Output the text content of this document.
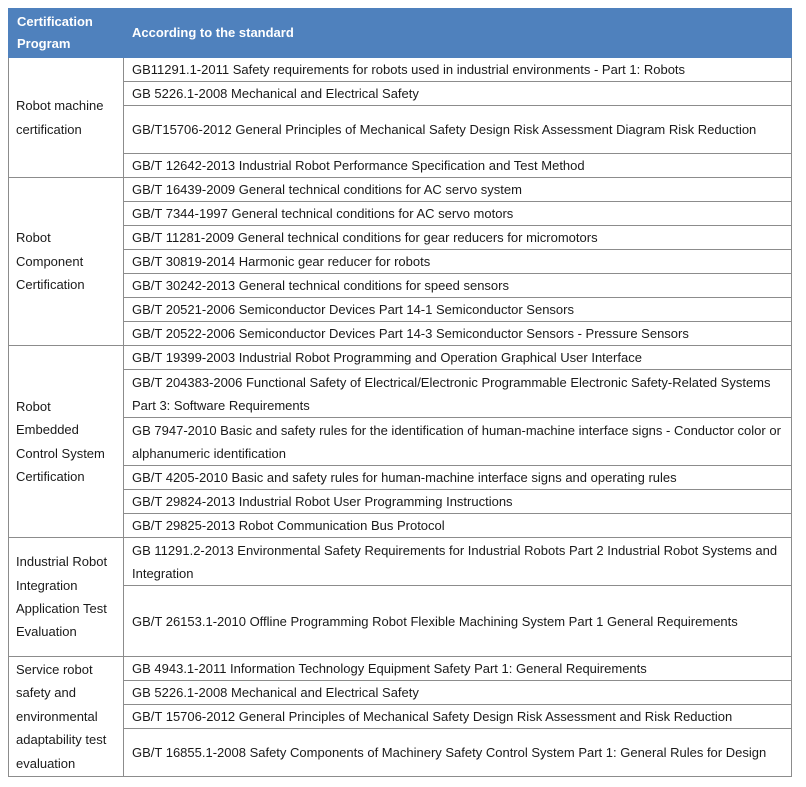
Certification Program	According to the standard
Robot machine certification	GB11291.1-2011 Safety requirements for robots used in industrial environments - Part 1: Robots
	GB 5226.1-2008 Mechanical and Electrical Safety
	GB/T15706-2012 General Principles of Mechanical Safety Design Risk Assessment Diagram Risk Reduction
	GB/T 12642-2013 Industrial Robot Performance Specification and Test Method
Robot Component Certification	GB/T 16439-2009 General technical conditions for AC servo system
	GB/T 7344-1997 General technical conditions for AC servo motors
	GB/T 11281-2009 General technical conditions for gear reducers for micromotors
	GB/T 30819-2014 Harmonic gear reducer for robots
	GB/T 30242-2013 General technical conditions for speed sensors
	GB/T 20521-2006 Semiconductor Devices Part 14-1 Semiconductor Sensors
	GB/T 20522-2006 Semiconductor Devices Part 14-3 Semiconductor Sensors - Pressure Sensors
Robot Embedded Control System Certification	GB/T 19399-2003 Industrial Robot Programming and Operation Graphical User Interface
	GB/T 204383-2006 Functional Safety of Electrical/Electronic Programmable Electronic Safety-Related Systems Part 3: Software Requirements
	GB 7947-2010 Basic and safety rules for the identification of human-machine interface signs - Conductor color or alphanumeric identification
	GB/T 4205-2010 Basic and safety rules for human-machine interface signs and operating rules
	GB/T 29824-2013 Industrial Robot User Programming Instructions
	GB/T 29825-2013 Robot Communication Bus Protocol
Industrial Robot Integration Application Test Evaluation	GB 11291.2-2013 Environmental Safety Requirements for Industrial Robots Part 2 Industrial Robot Systems and Integration
	GB/T 26153.1-2010 Offline Programming Robot Flexible Machining System Part 1 General Requirements
Service robot safety and environmental adaptability test evaluation	GB 4943.1-2011 Information Technology Equipment Safety Part 1: General Requirements
	GB 5226.1-2008 Mechanical and Electrical Safety
	GB/T 15706-2012 General Principles of Mechanical Safety Design Risk Assessment and Risk Reduction
	GB/T 16855.1-2008 Safety Components of Machinery Safety Control System Part 1: General Rules for Design
